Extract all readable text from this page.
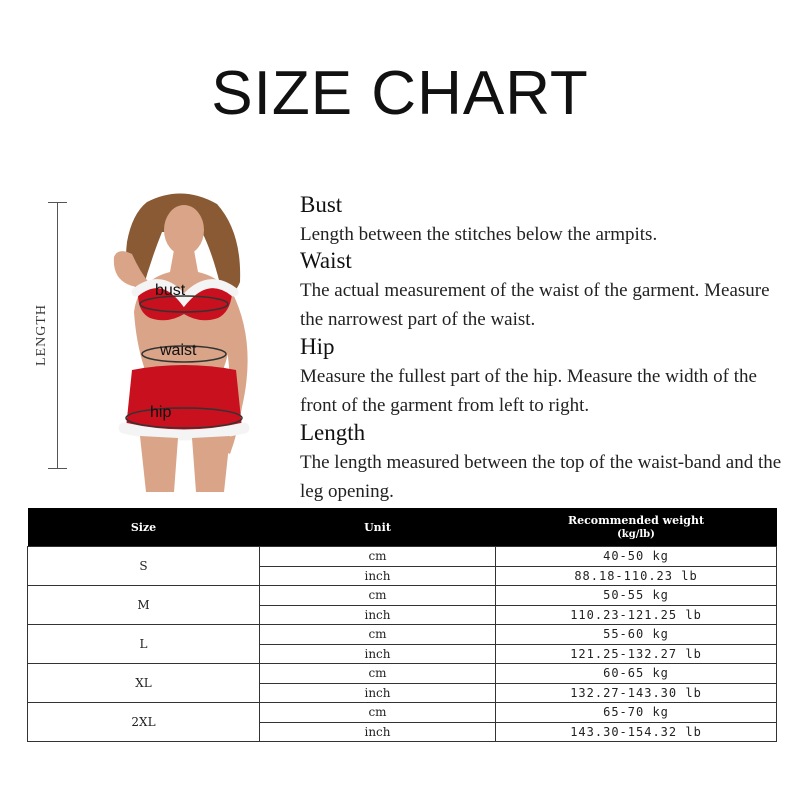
SIZE CHART
LENGTH
bust
waist
hip
Bust

Length between the stitches below the armpits.

Waist

The actual measurement of the waist of the garment. Measure the narrowest part of the waist.

Hip

Measure the fullest part of the hip. Measure the width of the front of the garment from left to right.

Length

The length measured between the top of the waist-band and the leg opening.

Size	Unit	Recommended weight
(kg/lb)

S	cm	40-50 kg
	inch	88.18-110.23 lb
M	cm	50-55 kg
	inch	110.23-121.25 lb
L	cm	55-60 kg
	inch	121.25-132.27 lb
XL	cm	60-65 kg
	inch	132.27-143.30 lb
2XL	cm	65-70 kg
	inch	143.30-154.32 lb
